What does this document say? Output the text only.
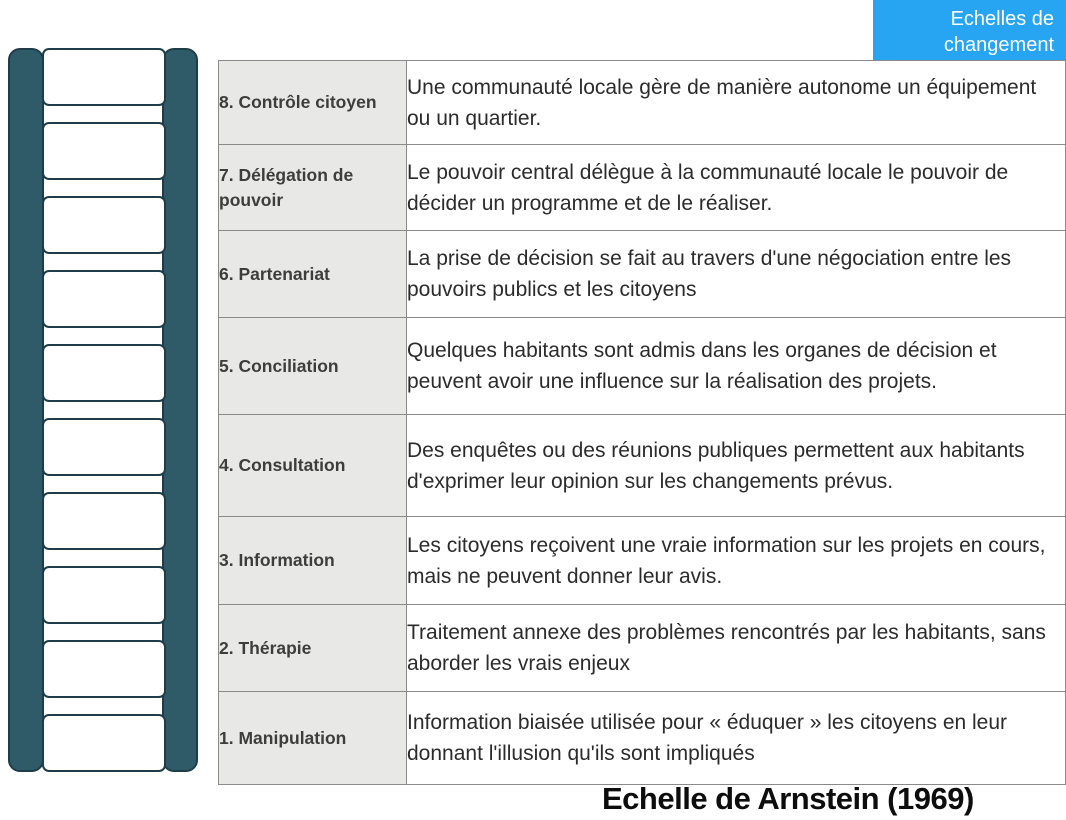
Echelles de
changement
8. Contrôle citoyen	Une communauté locale gère de manière autonome un équipement ou un quartier.
7. Délégation de pouvoir	Le pouvoir central délègue à la communauté locale le pouvoir de décider un programme et de le réaliser.
6. Partenariat	La prise de décision se fait au travers d'une négociation entre les pouvoirs publics et les citoyens
5. Conciliation	Quelques habitants sont admis dans les organes de décision et peuvent avoir une influence sur la réalisation des projets.
4. Consultation	Des enquêtes ou des réunions publiques permettent aux habitants d'exprimer leur opinion sur les changements prévus.
3. Information	Les citoyens reçoivent une vraie information sur les projets en cours, mais ne peuvent donner leur avis.
2. Thérapie	Traitement annexe des problèmes rencontrés par les habitants, sans aborder les vrais enjeux
1. Manipulation	Information biaisée utilisée pour « éduquer » les citoyens en leur donnant l'illusion qu'ils sont impliqués
Echelle de Arnstein (1969)
